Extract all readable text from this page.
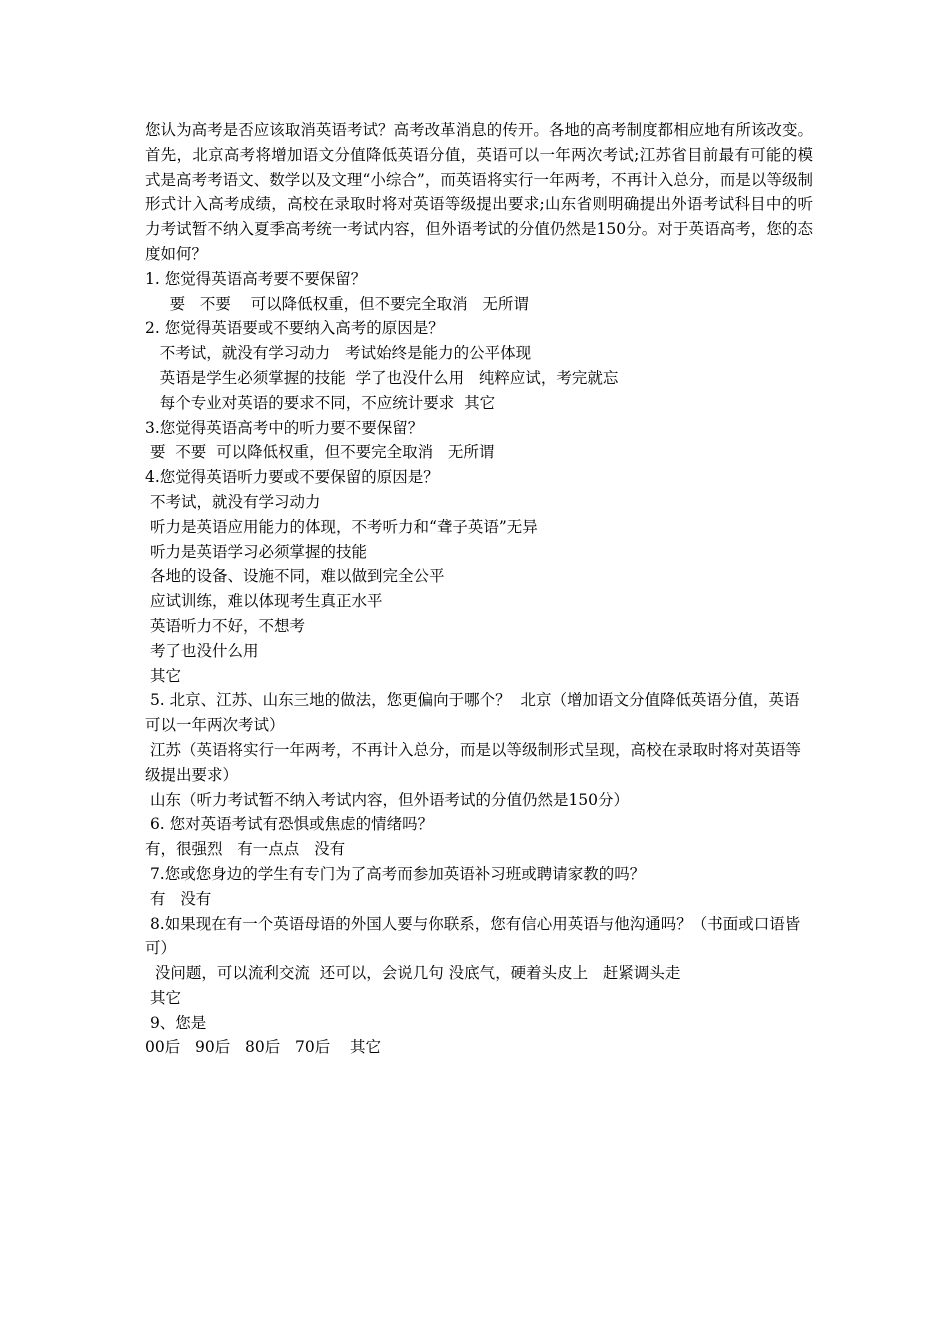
您认为高考是否应该取消英语考试？高考改革消息的传开。各地的高考制度都相应地有所该改变。首先，北京高考将增加语文分值降低英语分值，英语可以一年两次考试;江苏省目前最有可能的模式是高考考语文、数学以及文理“小综合”，而英语将实行一年两考，不再计入总分，而是以等级制形式计入高考成绩，高校在录取时将对英语等级提出要求;山东省则明确提出外语考试科目中的听力考试暂不纳入夏季高考统一考试内容，但外语考试的分值仍然是150分。对于英语高考，您的态度如何？

1. 您觉得英语高考要不要保留？

要   不要    可以降低权重，但不要完全取消   无所谓

2. 您觉得英语要或不要纳入高考的原因是？

不考试，就没有学习动力   考试始终是能力的公平体现

英语是学生必须掌握的技能  学了也没什么用   纯粹应试，考完就忘

每个专业对英语的要求不同，不应统计要求  其它

3.您觉得英语高考中的听力要不要保留？

要  不要  可以降低权重，但不要完全取消   无所谓

4.您觉得英语听力要或不要保留的原因是？

不考试，就没有学习动力

听力是英语应用能力的体现，不考听力和“聋子英语”无异

听力是英语学习必须掌握的技能

各地的设备、设施不同，难以做到完全公平

应试训练，难以体现考生真正水平

英语听力不好，不想考

考了也没什么用

其它

5. 北京、江苏、山东三地的做法，您更偏向于哪个？  北京（增加语文分值降低英语分值，英语可以一年两次考试）

江苏（英语将实行一年两考，不再计入总分，而是以等级制形式呈现，高校在录取时将对英语等级提出要求）

山东（听力考试暂不纳入考试内容，但外语考试的分值仍然是150分）

6. 您对英语考试有恐惧或焦虑的情绪吗？

有，很强烈   有一点点   没有

7.您或您身边的学生有专门为了高考而参加英语补习班或聘请家教的吗？

有   没有

8.如果现在有一个英语母语的外国人要与你联系，您有信心用英语与他沟通吗？（书面或口语皆可）

没问题，可以流利交流  还可以，会说几句 没底气，硬着头皮上   赶紧调头走

其它

9、您是

00后   90后   80后   70后    其它
